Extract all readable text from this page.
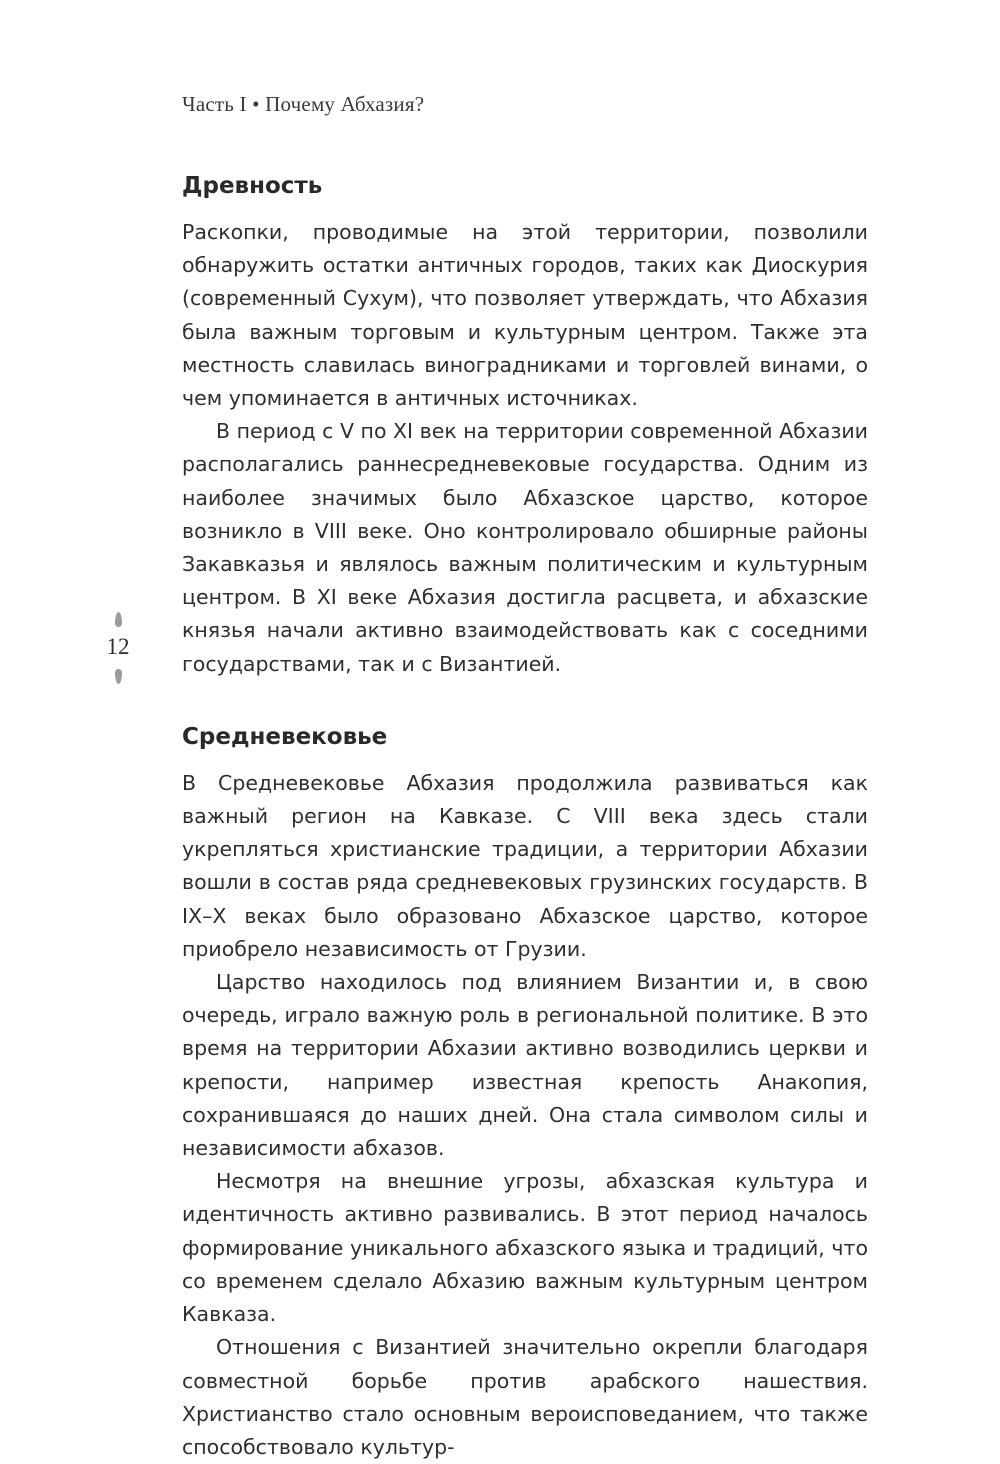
Часть I • Почему Абхазия?
12
Древность

Раскопки, проводимые на этой территории, позволили обнаружить остатки античных городов, таких как Диоскурия (современный Сухум), что позволяет утверждать, что Абхазия была важным торговым и культурным центром. Также эта местность славилась виноградниками и торговлей винами, о чем упоминается в античных источниках.

В период с V по XI век на территории современной Абхазии располагались раннесредневековые государства. Одним из наиболее значимых было Абхазское царство, которое возникло в VIII веке. Оно контролировало обширные районы Закавказья и являлось важным политическим и культурным центром. В XI веке Абхазия достигла расцвета, и абхазские князья начали активно взаимодействовать как с соседними государствами, так и с Византией.

Средневековье

В Средневековье Абхазия продолжила развиваться как важный регион на Кавказе. С VIII века здесь стали укрепляться христианские традиции, а территории Абхазии вошли в состав ряда средневековых грузинских государств. В IX–X веках было образовано Абхазское царство, которое приобрело независимость от Грузии.

Царство находилось под влиянием Византии и, в свою очередь, играло важную роль в региональной политике. В это время на территории Абхазии активно возводились церкви и крепости, например известная крепость Анакопия, сохранившаяся до наших дней. Она стала символом силы и независимости абхазов.

Несмотря на внешние угрозы, абхазская культура и идентичность активно развивались. В этот период началось формирование уникального абхазского языка и традиций, что со временем сделало Абхазию важным культурным центром Кавказа.

Отношения с Византией значительно окрепли благодаря совместной борьбе против арабского нашествия. Христианство стало основным вероисповеданием, что также способствовало культур-
